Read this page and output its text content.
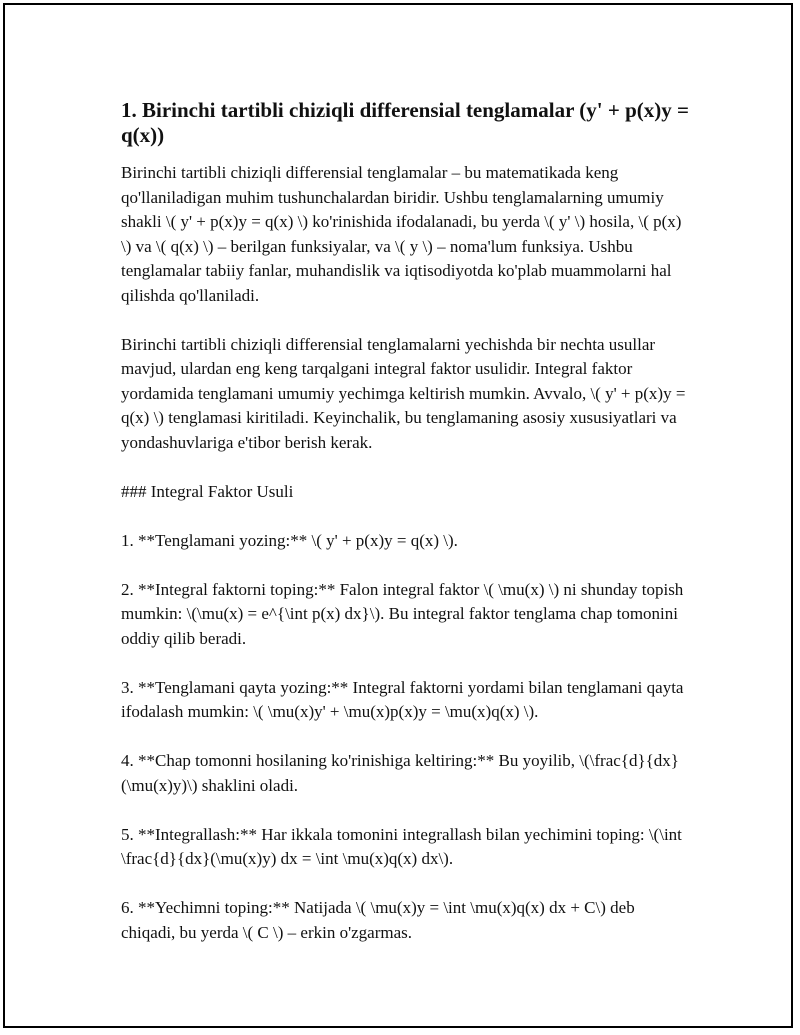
1. Birinchi tartibli chiziqli differensial tenglamalar (y' + p(x)y = q(x))

Birinchi tartibli chiziqli differensial tenglamalar – bu matematikada keng qo'llaniladigan muhim tushunchalardan biridir. Ushbu tenglamalarning umumiy shakli \( y' + p(x)y = q(x) \) ko'rinishida ifodalanadi, bu yerda \( y' \) hosila, \( p(x) \) va \( q(x) \) – berilgan funksiyalar, va \( y \) – noma'lum funksiya. Ushbu tenglamalar tabiiy fanlar, muhandislik va iqtisodiyotda ko'plab muammolarni hal qilishda qo'llaniladi.

Birinchi tartibli chiziqli differensial tenglamalarni yechishda bir nechta usullar mavjud, ulardan eng keng tarqalgani integral faktor usulidir. Integral faktor yordamida tenglamani umumiy yechimga keltirish mumkin. Avvalo, \( y' + p(x)y = q(x) \) tenglamasi kiritiladi. Keyinchalik, bu tenglamaning asosiy xususiyatlari va yondashuvlariga e'tibor berish kerak.

### Integral Faktor Usuli

1. **Tenglamani yozing:** \( y' + p(x)y = q(x) \).

2. **Integral faktorni toping:** Falon integral faktor \( \mu(x) \) ni shunday topish mumkin: \(\mu(x) = e^{\int p(x) dx}\). Bu integral faktor tenglama chap tomonini oddiy qilib beradi.

3. **Tenglamani qayta yozing:** Integral faktorni yordami bilan tenglamani qayta ifodalash mumkin: \( \mu(x)y' + \mu(x)p(x)y = \mu(x)q(x) \).

4. **Chap tomonni hosilaning ko'rinishiga keltiring:** Bu yoyilib, \(\frac{d}{dx}(\mu(x)y)\) shaklini oladi.

5. **Integrallash:** Har ikkala tomonini integrallash bilan yechimini toping: \(\int \frac{d}{dx}(\mu(x)y) dx = \int \mu(x)q(x) dx\).

6. **Yechimni toping:** Natijada \( \mu(x)y = \int \mu(x)q(x) dx + C\) deb chiqadi, bu yerda \( C \) – erkin o'zgarmas.
